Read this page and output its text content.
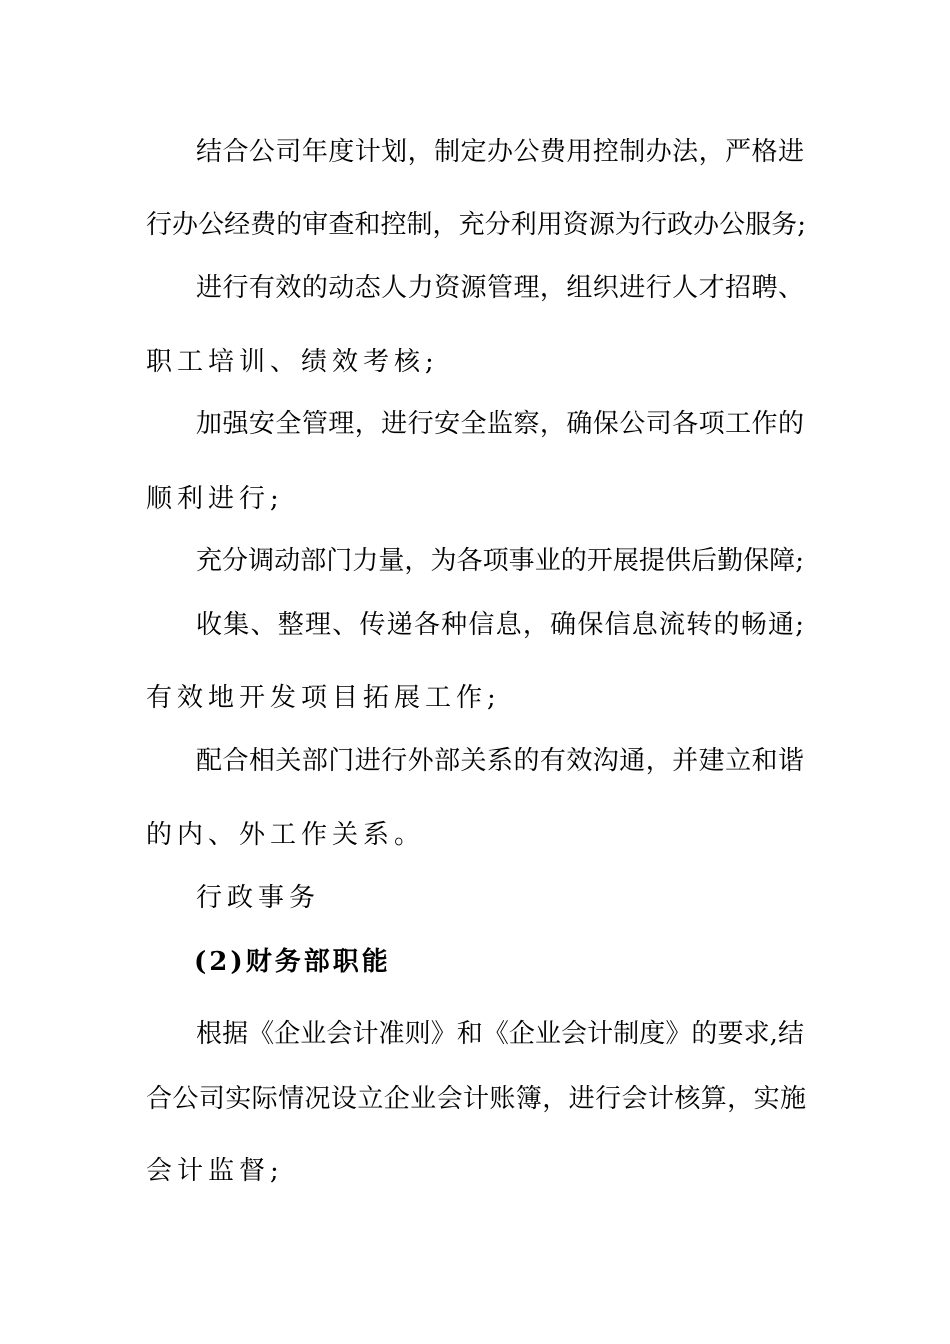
结合公司年度计划，制定办公费用控制办法，严格进

行办公经费的审查和控制，充分利用资源为行政办公服务;

进行有效的动态人力资源管理，组织进行人才招聘、

职工培训、绩效考核;

加强安全管理，进行安全监察，确保公司各项工作的

顺利进行;

充分调动部门力量，为各项事业的开展提供后勤保障;

收集、整理、传递各种信息，确保信息流转的畅通;

有效地开发项目拓展工作;

配合相关部门进行外部关系的有效沟通，并建立和谐

的内、外工作关系。

行政事务

(2)财务部职能

根据《企业会计准则》和《企业会计制度》的要求,结

合公司实际情况设立企业会计账簿，进行会计核算，实施

会计监督;
